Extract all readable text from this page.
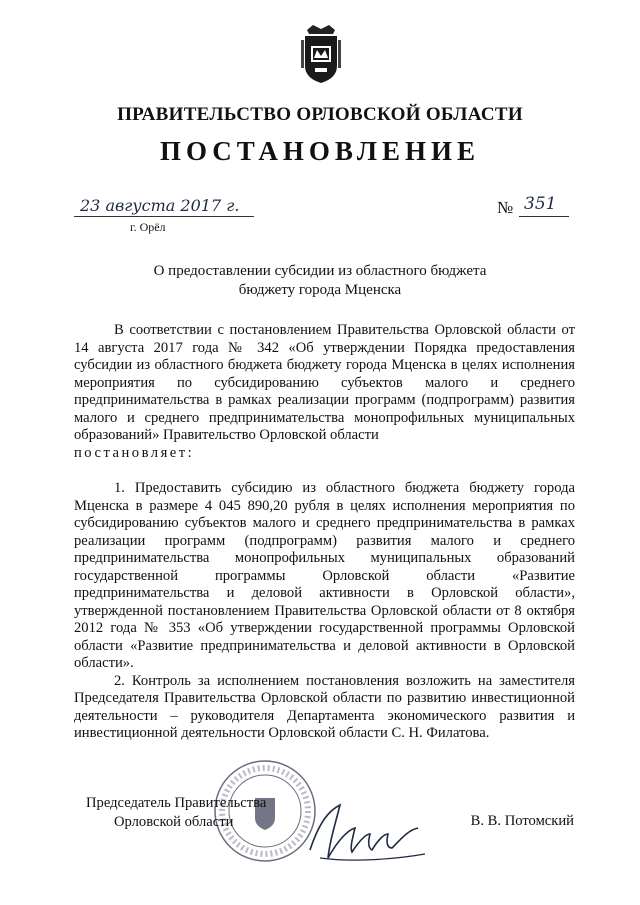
ПРАВИТЕЛЬСТВО ОРЛОВСКОЙ ОБЛАСТИ
ПОСТАНОВЛЕНИЕ
23 августа 2017 г.
г. Орёл
№ 351
О предоставлении субсидии из областного бюджета бюджету города Мценска

В соответствии с постановлением Правительства Орловской области от 14 августа 2017 года № 342 «Об утверждении Порядка предоставления субсидии из областного бюджета бюджету города Мценска в целях исполнения мероприятия по субсидированию субъектов малого и среднего предпринимательства в рамках реализации программ (подпрограмм) развития малого и среднего предпринимательства монопрофильных муниципальных образований» Правительство Орловской области

постановляет:

1. Предоставить субсидию из областного бюджета бюджету города Мценска в размере 4 045 890,20 рубля в целях исполнения мероприятия по субсидированию субъектов малого и среднего предпринимательства в рамках реализации программ (подпрограмм) развития малого и среднего предпринимательства монопрофильных муниципальных образований государственной программы Орловской области «Развитие предпринимательства и деловой активности в Орловской области», утвержденной постановлением Правительства Орловской области от 8 октября 2012 года № 353 «Об утверждении государственной программы Орловской области «Развитие предпринимательства и деловой активности в Орловской области».

2. Контроль за исполнением постановления возложить на заместителя Председателя Правительства Орловской области по развитию инвестиционной деятельности – руководителя Департамента экономического развития и инвестиционной деятельности Орловской области С. Н. Филатова.

Председатель Правительства
Орловской области	В. В. Потомский
